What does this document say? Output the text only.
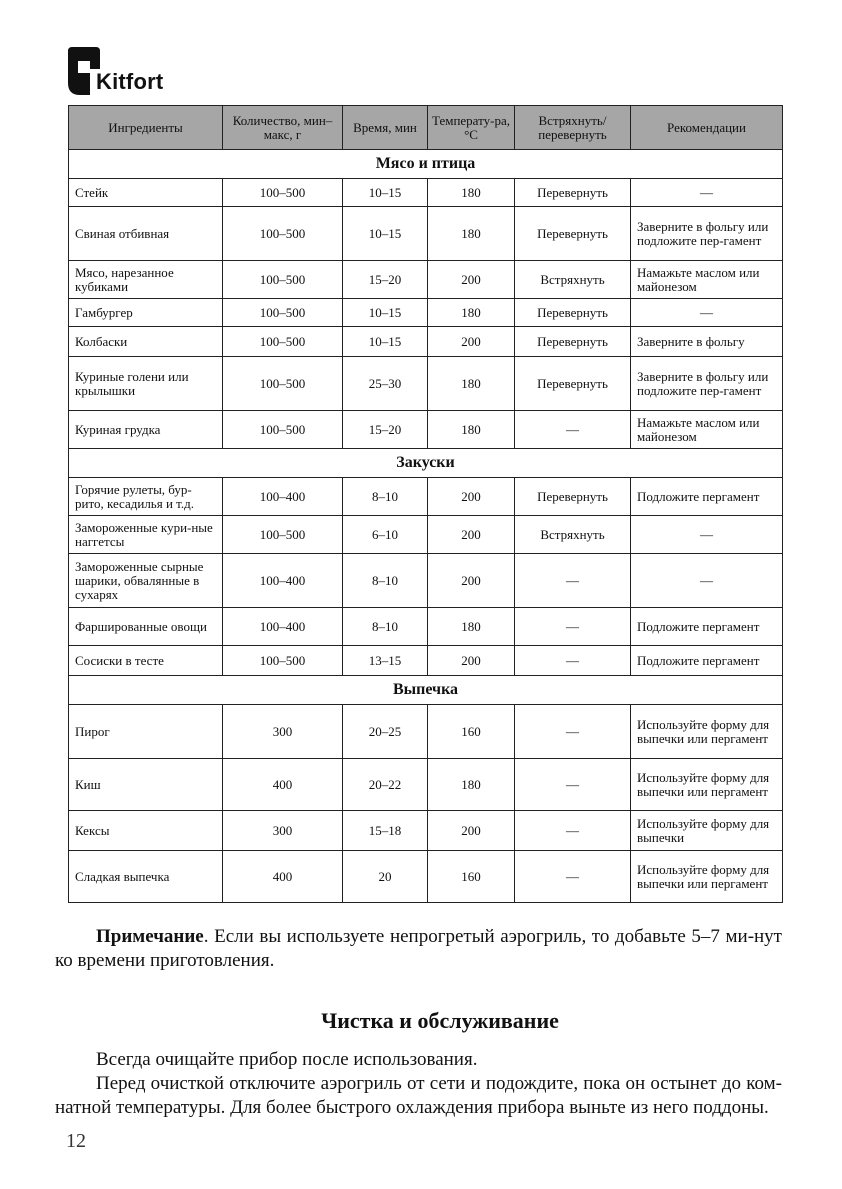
Kitfort
Ингредиенты	Количество, мин–макс, г	Время, мин	Температу-ра, °С	Встряхнуть/ перевернуть	Рекомендации
Мясо и птица					
Стейк	100–500	10–15	180	Перевернуть	—
Свиная отбивная	100–500	10–15	180	Перевернуть	Заверните в фольгу или подложите пер-гамент
Мясо, нарезанное кубиками	100–500	15–20	200	Встряхнуть	Намажьте маслом или майонезом
Гамбургер	100–500	10–15	180	Перевернуть	—
Колбаски	100–500	10–15	200	Перевернуть	Заверните в фольгу
Куриные голени или крылышки	100–500	25–30	180	Перевернуть	Заверните в фольгу или подложите пер-гамент
Куриная грудка	100–500	15–20	180	—	Намажьте маслом или майонезом
Закуски					
Горячие рулеты, бур-рито, кесадилья и т.д.	100–400	8–10	200	Перевернуть	Подложите пергамент
Замороженные кури-ные наггетсы	100–500	6–10	200	Встряхнуть	—
Замороженные сырные шарики, обвалянные в сухарях	100–400	8–10	200	—	—
Фаршированные овощи	100–400	8–10	180	—	Подложите пергамент
Сосиски в тесте	100–500	13–15	200	—	Подложите пергамент
Выпечка					
Пирог	300	20–25	160	—	Используйте форму для выпечки или пергамент
Киш	400	20–22	180	—	Используйте форму для выпечки или пергамент
Кексы	300	15–18	200	—	Используйте форму для выпечки
Сладкая выпечка	400	20	160	—	Используйте форму для выпечки или пергамент

Примечание. Если вы используете непрогретый аэрогриль, то добавьте 5–7 ми-нут ко времени приготовления.

Чистка и обслуживание

Всегда очищайте прибор после использования.

Перед очисткой отключите аэрогриль от сети и подождите, пока он остынет до ком-натной температуры. Для более быстрого охлаждения прибора выньте из него поддоны.

12
